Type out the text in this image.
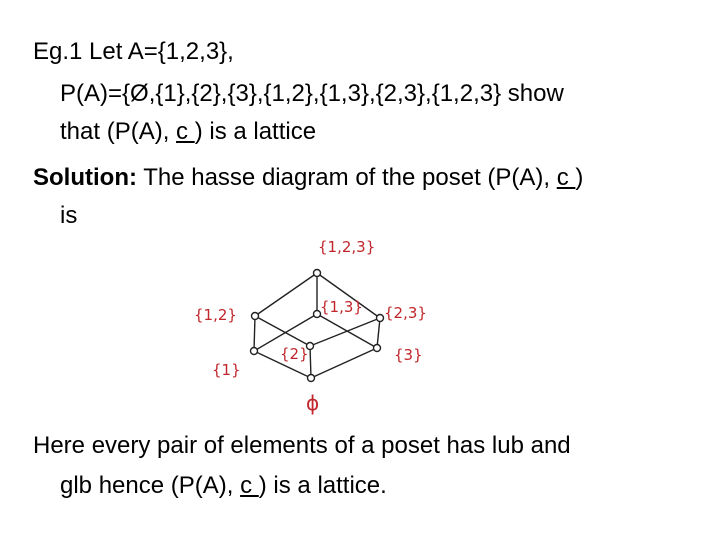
Eg.1 Let A={1,2,3},
P(A)={Ø,{1},{2},{3},{1,2},{1,3},{2,3},{1,2,3} show
that (P(A), c ) is a lattice
Solution: The hasse diagram of the poset (P(A), c )
is
{1,2,3}
{1,2}	{1,3} {2,3}
{1}
{2}	{3}
ϕ
Here every pair of elements of a poset has lub and
glb hence (P(A), c ) is a lattice.
